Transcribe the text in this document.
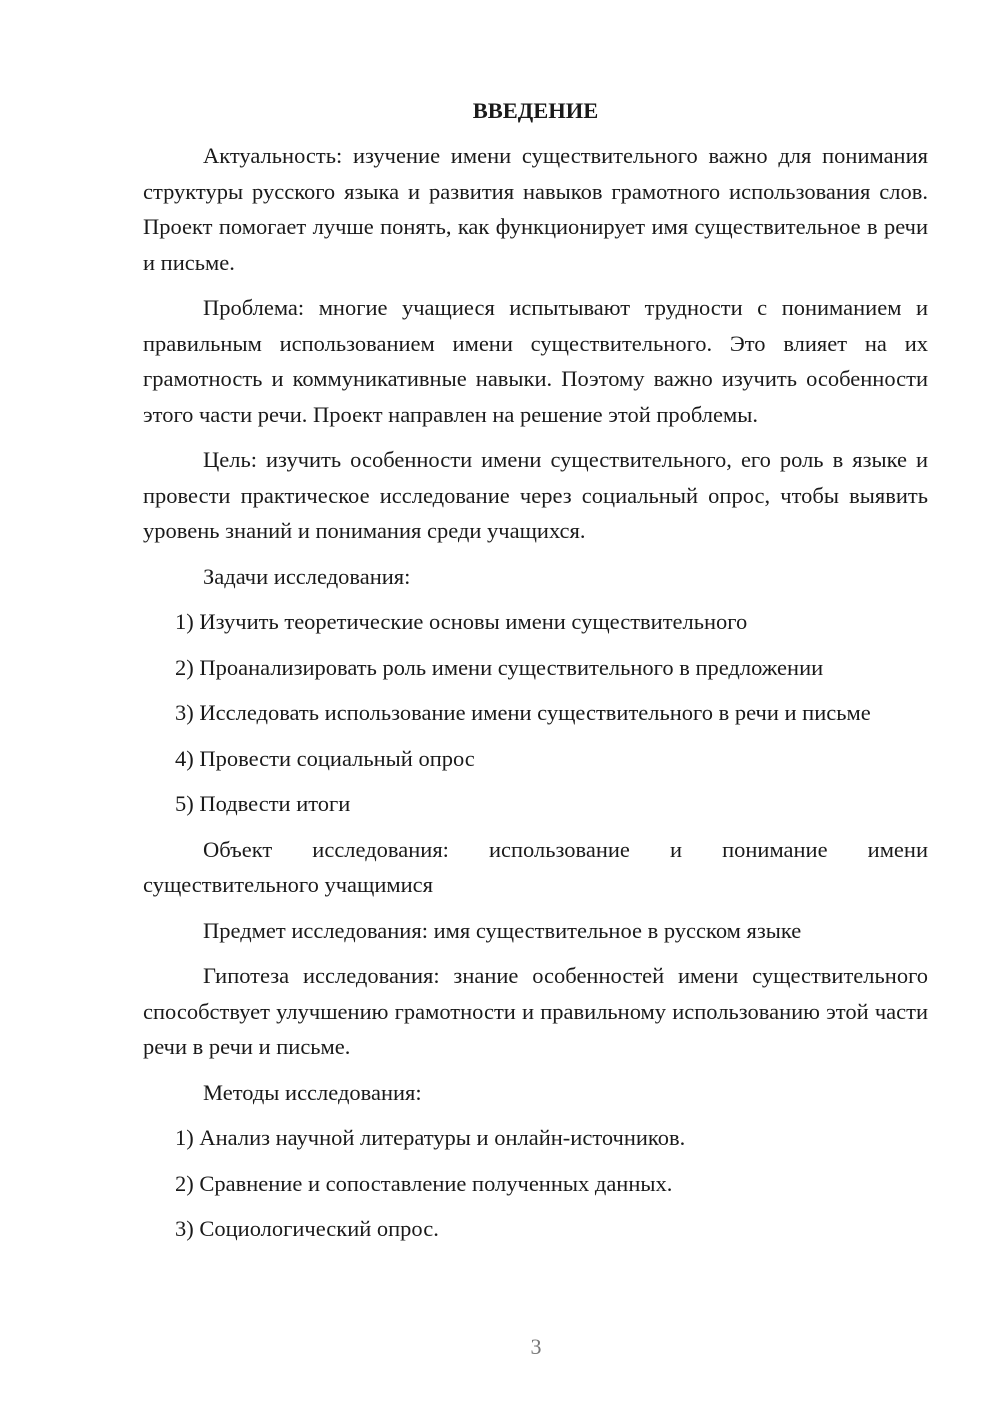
ВВЕДЕНИЕ
Актуальность: изучение имени существительного важно для понимания структуры русского языка и развития навыков грамотного использования слов. Проект помогает лучше понять, как функционирует имя существительное в речи и письме.
Проблема: многие учащиеся испытывают трудности с пониманием и правильным использованием имени существительного. Это влияет на их грамотность и коммуникативные навыки. Поэтому важно изучить особенности этого части речи. Проект направлен на решение этой проблемы.
Цель: изучить особенности имени существительного, его роль в языке и провести практическое исследование через социальный опрос, чтобы выявить уровень знаний и понимания среди учащихся.
Задачи исследования:
1) Изучить теоретические основы имени существительного
2) Проанализировать роль имени существительного в предложении
3) Исследовать использование имени существительного в речи и письме
4) Провести социальный опрос
5) Подвести итоги
Объект исследования: использование и понимание имени существительного учащимися
Предмет исследования: имя существительное в русском языке
Гипотеза исследования: знание особенностей имени существительного способствует улучшению грамотности и правильному использованию этой части речи в речи и письме.
Методы исследования:
1) Анализ научной литературы и онлайн-источников.
2) Сравнение и сопоставление полученных данных.
3) Социологический опрос.
3
